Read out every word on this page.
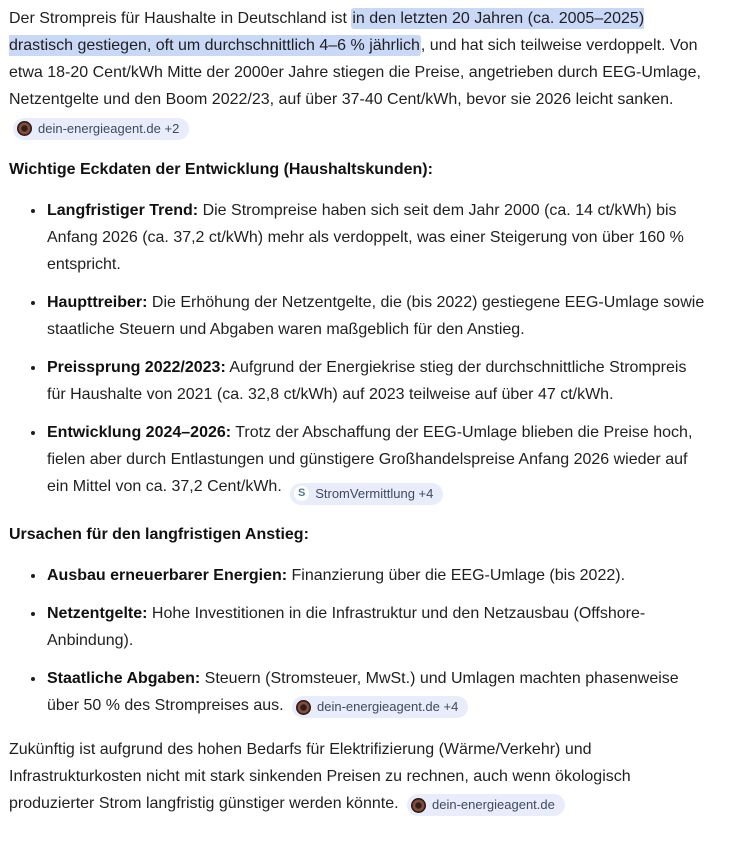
Der Strompreis für Haushalte in Deutschland ist in den letzten 20 Jahren (ca. 2005–2025) drastisch gestiegen, oft um durchschnittlich 4–6 % jährlich, und hat sich teilweise verdoppelt. Von etwa 18-20 Cent/kWh Mitte der 2000er Jahre stiegen die Preise, angetrieben durch EEG-Umlage, Netzentgelte und den Boom 2022/23, auf über 37-40 Cent/kWh, bevor sie 2026 leicht sanken.
dein-energieagent.de +2

Wichtige Eckdaten der Entwicklung (Haushaltskunden):
• Langfristiger Trend: Die Strompreise haben sich seit dem Jahr 2000 (ca. 14 ct/kWh) bis Anfang 2026 (ca. 37,2 ct/kWh) mehr als verdoppelt, was einer Steigerung von über 160 % entspricht.
• Haupttreiber: Die Erhöhung der Netzentgelte, die (bis 2022) gestiegene EEG-Umlage sowie staatliche Steuern und Abgaben waren maßgeblich für den Anstieg.
• Preissprung 2022/2023: Aufgrund der Energiekrise stieg der durchschnittliche Strompreis für Haushalte von 2021 (ca. 32,8 ct/kWh) auf 2023 teilweise auf über 47 ct/kWh.
• Entwicklung 2024–2026: Trotz der Abschaffung der EEG-Umlage blieben die Preise hoch, fielen aber durch Entlastungen und günstigere Großhandelspreise Anfang 2026 wieder auf ein Mittel von ca. 37,2 Cent/kWh.	S StromVermittlung +4
Ursachen für den langfristigen Anstieg:
• Ausbau erneuerbarer Energien: Finanzierung über die EEG-Umlage (bis 2022).
• Netzentgelte: Hohe Investitionen in die Infrastruktur und den Netzausbau (Offshore-Anbindung).
• Staatliche Abgaben: Steuern (Stromsteuer, MwSt.) und Umlagen machten phasenweise über 50 % des Strompreises aus. dein-energieagent.de +4

Zukünftig ist aufgrund des hohen Bedarfs für Elektrifizierung (Wärme/Verkehr) und Infrastrukturkosten nicht mit stark sinkenden Preisen zu rechnen, auch wenn ökologisch produzierter Strom langfristig günstiger werden könnte. dein-energieagent.de
